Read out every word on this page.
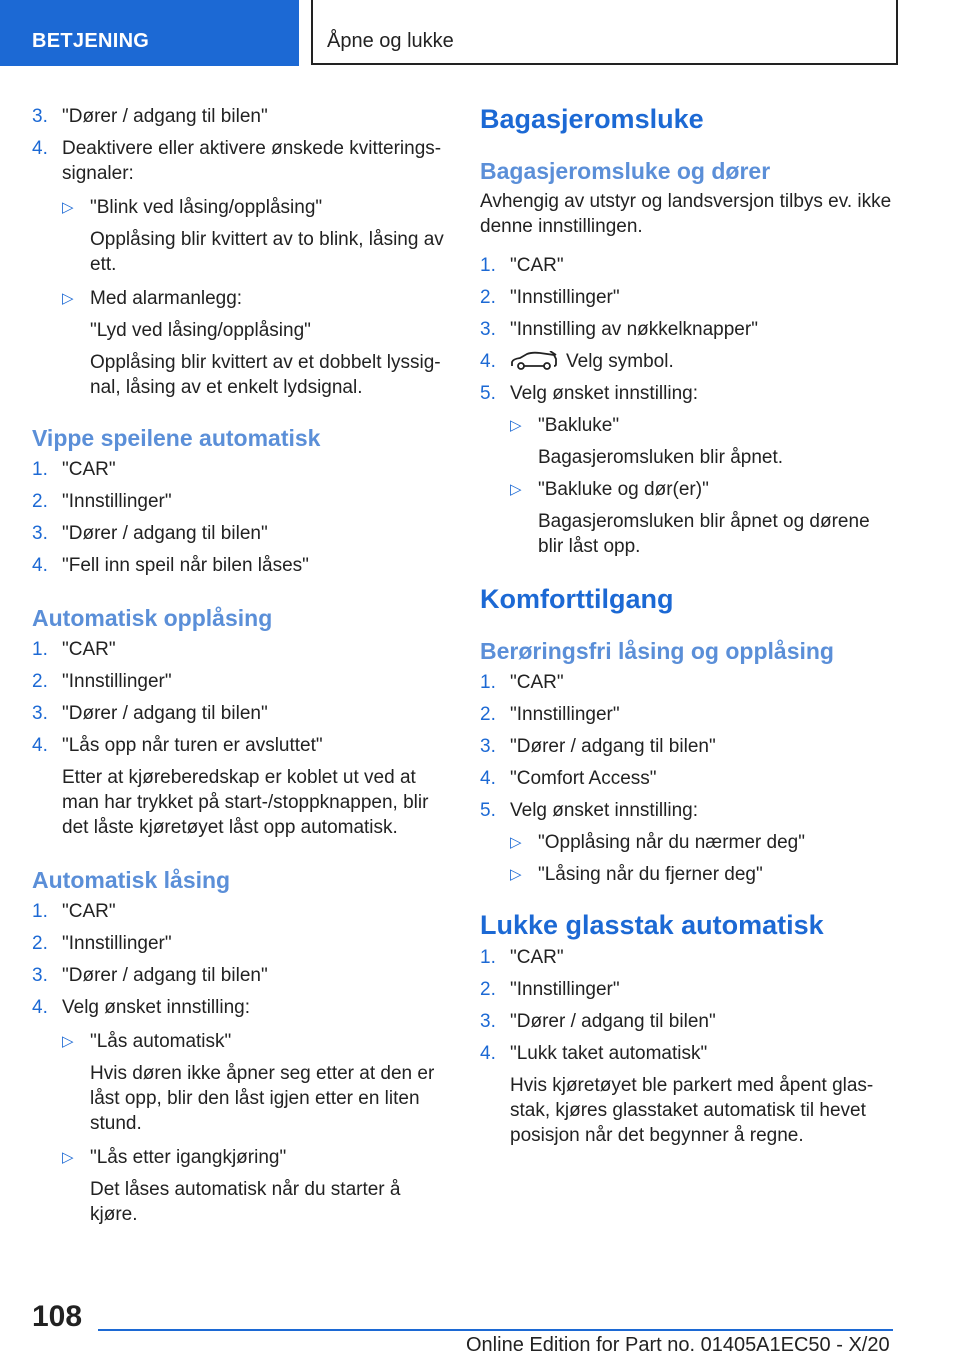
BETJENING	Åpne og lukke
3. "Dører / adgang til bilen"
4. Deaktivere eller aktivere ønskede kvitterings-
signaler:
▷ "Blink ved låsing/opplåsing"
Opplåsing blir kvittert av to blink, låsing av
ett.
▷ Med alarmanlegg:
"Lyd ved låsing/opplåsing"
Opplåsing blir kvittert av et dobbelt lyssig-
nal, låsing av et enkelt lydsignal.
Vippe speilene automatisk
1. "CAR"
2. "Innstillinger"
3. "Dører / adgang til bilen"
4. "Fell inn speil når bilen låses"
Automatisk opplåsing
1. "CAR"
2. "Innstillinger"
3. "Dører / adgang til bilen"
4. "Lås opp når turen er avsluttet"
Etter at kjøreberedskap er koblet ut ved at
man har trykket på start-/stoppknappen, blir
det låste kjøretøyet låst opp automatisk.
Automatisk låsing
1. "CAR"
2. "Innstillinger"
3. "Dører / adgang til bilen"
4. Velg ønsket innstilling:
▷ "Lås automatisk"
Hvis døren ikke åpner seg etter at den er
låst opp, blir den låst igjen etter en liten
stund.
▷ "Lås etter igangkjøring"
Det låses automatisk når du starter å
kjøre.
Bagasjeromsluke
Bagasjeromsluke og dører

Avhengig av utstyr og landsversjon tilbys ev. ikke

denne innstillingen.

1. "CAR"
2. "Innstillinger"
3. "Innstilling av nøkkelknapper"
4.	Velg symbol.
5. Velg ønsket innstilling:
▷ "Bakluke"
Bagasjeromsluken blir åpnet.
▷ "Bakluke og dør(er)"
Bagasjeromsluken blir åpnet og dørene
blir låst opp.
Komforttilgang
Berøringsfri låsing og opplåsing
1. "CAR"
2. "Innstillinger"
3. "Dører / adgang til bilen"
4. "Comfort Access"
5. Velg ønsket innstilling:
▷ "Opplåsing når du nærmer deg"
▷ "Låsing når du fjerner deg"
Lukke glasstak automatisk
1. "CAR"
2. "Innstillinger"
3. "Dører / adgang til bilen"
4. "Lukk taket automatisk"
Hvis kjøretøyet ble parkert med åpent glas-
stak, kjøres glasstaket automatisk til hevet
posisjon når det begynner å regne.
108
Online Edition for Part no. 01405A1EC50 - X/20
